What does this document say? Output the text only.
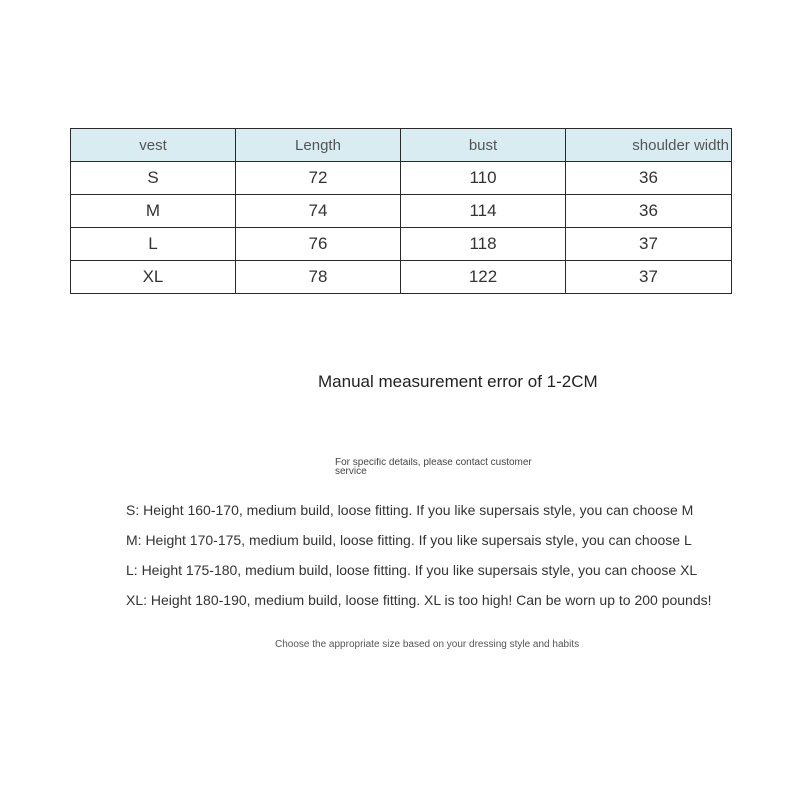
vest	Length	bust	shoulder width
S	72	110	36
M	74	114	36
L	76	118	37
XL	78	122	37
Manual measurement error of 1-2CM
For specific details, please contact customer service
S: Height 160-170, medium build, loose fitting. If you like supersais style, you can choose M
M: Height 170-175, medium build, loose fitting. If you like supersais style, you can choose L
L: Height 175-180, medium build, loose fitting. If you like supersais style, you can choose XL
XL: Height 180-190, medium build, loose fitting. XL is too high! Can be worn up to 200 pounds!
Choose the appropriate size based on your dressing style and habits
